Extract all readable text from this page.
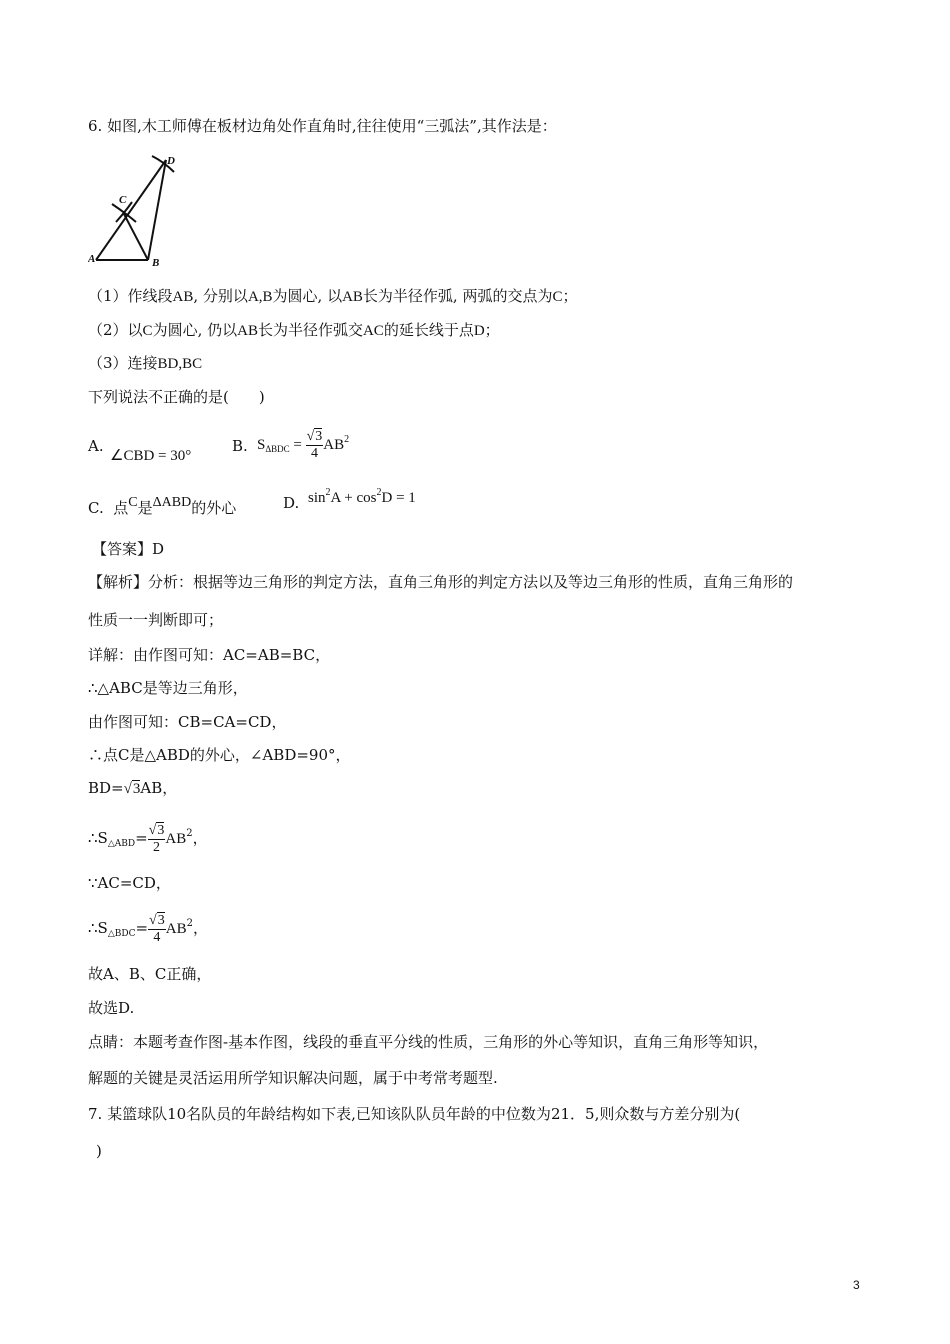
6. 如图,木工师傅在板材边角处作直角时,往往使用“三弧法”,其作法是：
A	B
C
D
（1）作线段AB, 分别以A,B为圆心, 以AB长为半径作弧, 两弧的交点为C；
（2）以C为圆心, 仍以AB长为半径作弧交AC的延长线于点D；
（3）连接BD,BC
下列说法不正确的是(　　)
A.
∠CBD = 30°
B. $S_{\Delta BDC} = \frac{√3}{4} AB^2$
C. 点C是ΔABD的外心	D. $\sin^2A + \cos^2D = 1$
【答案】D
【解析】分析：根据等边三角形的判定方法，直角三角形的判定方法以及等边三角形的性质，直角三角形的
性质一一判断即可；
详解：由作图可知：AC=AB=BC，
∴△ABC是等边三角形，
由作图可知：CB=CA=CD，
∴点C是△ABD的外心，∠ABD=90°，
BD=√3AB，
$\therefore S_{\triangle ABD}= \frac{√3}{2} AB^2$，
∵AC=CD，
$\therefore S_{\triangle BDC}= \frac{√3}{4} AB^2$，
故A、B、C正确，
故选D.
点睛：本题考查作图-基本作图，线段的垂直平分线的性质，三角形的外心等知识，直角三角形等知识，
解题的关键是灵活运用所学知识解决问题，属于中考常考题型.
7. 某篮球队10名队员的年龄结构如下表,已知该队队员年龄的中位数为21．5,则众数与方差分别为(
)
3
